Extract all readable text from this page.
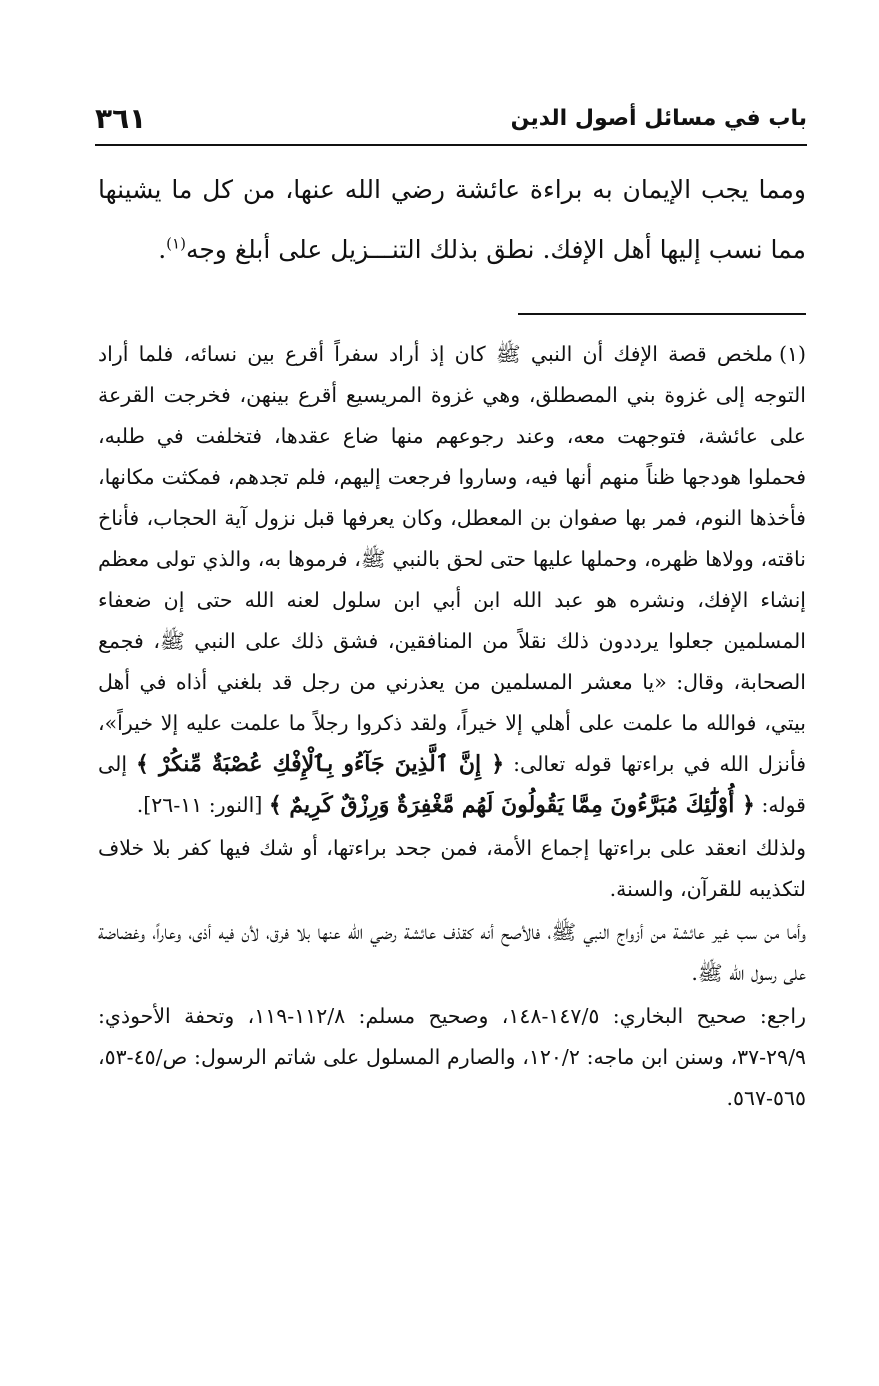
باب في مسائل أصول الدين
٣٦١

ومما يجب الإيمان به براءة عائشة رضي الله عنها، من كل ما يشينها مما نسب إليها أهل الإفك. نطق بذلك التنـــزيل على أبلغ وجه$^{(١)}$.

(١)ملخص قصة الإفك أن النبي ﷺ كان إذ أراد سفراً أقرع بين نسائه، فلما أراد التوجه إلى غزوة بني المصطلق، وهي غزوة المريسيع أقرع بينهن، فخرجت القرعة على عائشة، فتوجهت معه، وعند رجوعهم منها ضاع عقدها، فتخلفت في طلبه، فحملوا هودجها ظناً منهم أنها فيه، وساروا فرجعت إليهم، فلم تجدهم، فمكثت مكانها، فأخذها النوم، فمر بها صفوان بن المعطل، وكان يعرفها قبل نزول آية الحجاب، فأناخ ناقته، وولاها ظهره، وحملها عليها حتى لحق بالنبي ﷺ، فرموها به، والذي تولى معظم إنشاء الإفك، ونشره هو عبد الله ابن أبي ابن سلول لعنه الله حتى إن ضعفاء المسلمين جعلوا يرددون ذلك نقلاً من المنافقين، فشق ذلك على النبي ﷺ، فجمع الصحابة، وقال: «يا معشر المسلمين من يعذرني من رجل قد بلغني أذاه في أهل بيتي، فوالله ما علمت على أهلي إلا خيراً، ولقد ذكروا رجلاً ما علمت عليه إلا خيراً»، فأنزل الله في براءتها قوله تعالى: ﴿ إِنَّ ٱلَّذِينَ جَآءُو بِٱلْإِفْكِ عُصْبَةٌ مِّنكُرْ ﴾ إلى قوله: ﴿ أُوْلَٰٓئِكَ مُبَرَّءُونَ مِمَّا يَقُولُونَ لَهُم مَّغْفِرَةٌ وَرِزْقٌ كَرِيمٌ ﴾ [النور: ١١-٢٦].

ولذلك انعقد على براءتها إجماع الأمة، فمن جحد براءتها، أو شك فيها كفر بلا خلاف لتكذيبه للقرآن، والسنة.

وأما من سب غير عائشة من أزواج النبي ﷺ، فالأصح أنه كقذف عائشة رضي الله عنها بلا فرق، لأن فيه أذى، وعاراً، وغضاضة على رسول الله ﷺ.

راجع: صحيح البخاري: ١٤٧/٥-١٤٨، وصحيح مسلم: ١١٢/٨-١١٩، وتحفة الأحوذي: ٢٩/٩-٣٧، وسنن ابن ماجه: ١٢٠/٢، والصارم المسلول على شاتم الرسول: ص/٤٥-٥٣، ٥٦٥-٥٦٧.
